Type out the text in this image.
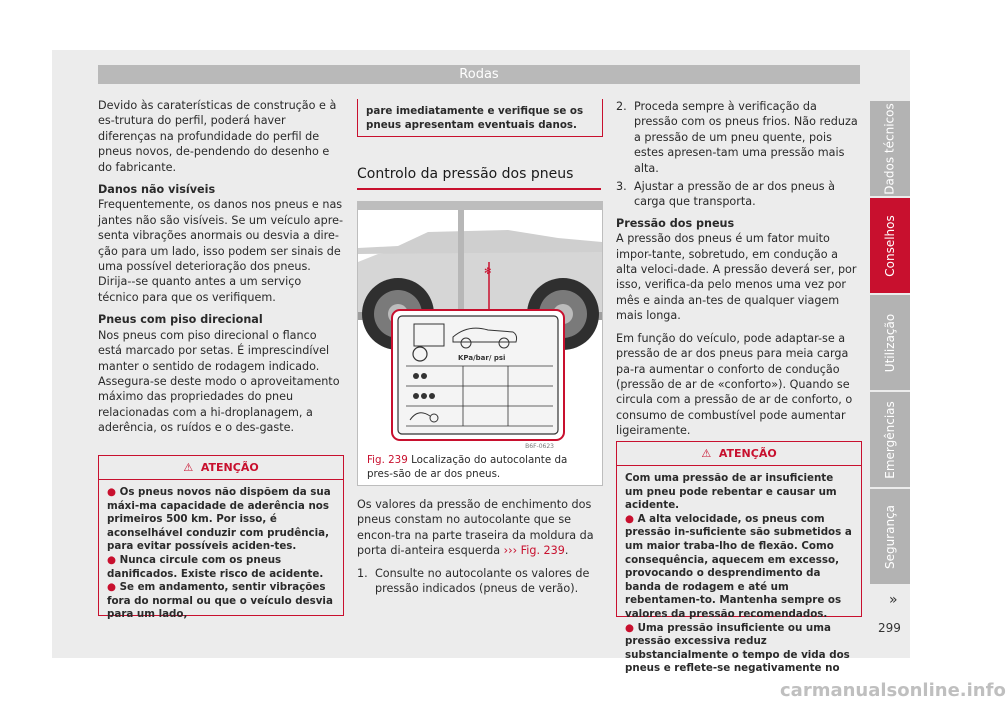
Rodas

Devido às caraterísticas de construção e à es-trutura do perfil, poderá haver diferenças na profundidade do perfil de pneus novos, de-pendendo do desenho e do fabricante.

Danos não visíveis

Frequentemente, os danos nos pneus e nas jantes não são visíveis. Se um veículo apre-senta vibrações anormais ou desvia a dire-ção para um lado, isso podem ser sinais de uma possível deterioração dos pneus. Dirija--se quanto antes a um serviço técnico para que os verifiquem.

Pneus com piso direcional

Nos pneus com piso direcional o flanco está marcado por setas. É imprescindível manter o sentido de rodagem indicado. Assegura-se deste modo o aproveitamento máximo das propriedades do pneu relacionadas com a hi-droplanagem, a aderência, os ruídos e o des-gaste.

⚠ ATENÇÃO
● Os pneus novos não dispõem da sua máxi-ma capacidade de aderência nos primeiros 500 km. Por isso, é aconselhável conduzir com prudência, para evitar possíveis aciden-tes.
● Nunca circule com os pneus danificados. Existe risco de acidente.
● Se em andamento, sentir vibrações fora do normal ou que o veículo desvia para um lado,
pare imediatamente e verifique se os pneus apresentam eventuais danos.
Controlo da pressão dos pneus
✻
KPa/bar/ psi
B6F-0623
Fig. 239 Localização do autocolante da pres-são de ar dos pneus.

Os valores da pressão de enchimento dos pneus constam no autocolante que se encon-tra na parte traseira da moldura da porta di-anteira esquerda ››› Fig. 239.

1. Consulte no autocolante os valores de pressão indicados (pneus de verão).
2. Proceda sempre à verificação da pressão com os pneus frios. Não reduza a pressão de um pneu quente, pois estes apresen-tam uma pressão mais alta.
3. Ajustar a pressão de ar dos pneus à carga que transporta.

Pressão dos pneus

A pressão dos pneus é um fator muito impor-tante, sobretudo, em condução a alta veloci-dade. A pressão deverá ser, por isso, verifica-da pelo menos uma vez por mês e ainda an-tes de qualquer viagem mais longa.

Em função do veículo, pode adaptar-se a pressão de ar dos pneus para meia carga pa-ra aumentar o conforto de condução (pressão de ar de «conforto»). Quando se circula com a pressão de ar de conforto, o consumo de combustível pode aumentar ligeiramente.

⚠ ATENÇÃO
Com uma pressão de ar insuficiente um pneu pode rebentar e causar um acidente.
● A alta velocidade, os pneus com pressão in-suficiente são submetidos a um maior traba-lho de flexão. Como consequência, aquecem em excesso, provocando o desprendimento da banda de rodagem e até um rebentamen-to. Mantenha sempre os valores da pressão recomendados.
● Uma pressão insuficiente ou uma pressão excessiva reduz substancialmente o tempo de vida dos pneus e reflete-se negativamente no
»
Dados técnicos
Conselhos
Utilização
Emergências
Segurança
299
carmanualsonline.info
